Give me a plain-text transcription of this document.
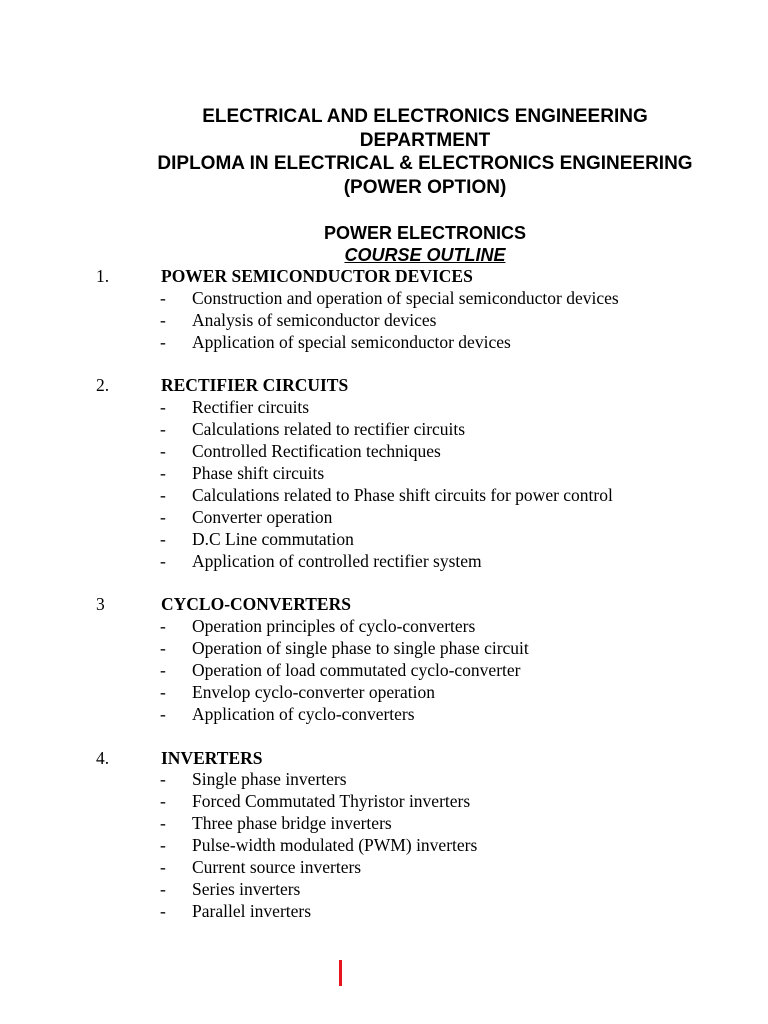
ELECTRICAL AND ELECTRONICS ENGINEERING
DEPARTMENT
DIPLOMA IN ELECTRICAL & ELECTRONICS ENGINEERING
(POWER OPTION)
POWER ELECTRONICS
COURSE OUTLINE
1.	POWER SEMICONDUCTOR DEVICES
-	Construction and operation of special semiconductor devices
-	Analysis of semiconductor devices
-	Application of special semiconductor devices
2.	RECTIFIER CIRCUITS
-	Rectifier circuits
-	Calculations related to rectifier circuits
-	Controlled Rectification techniques
-	Phase shift circuits
-	Calculations related to Phase shift circuits for power control
-	Converter operation
-	D.C Line commutation
-	Application of controlled rectifier system
3	CYCLO-CONVERTERS
-	Operation principles of cyclo-converters
-	Operation of single phase to single phase circuit
-	Operation of load commutated cyclo-converter
-	Envelop cyclo-converter operation
-	Application of cyclo-converters
4.	INVERTERS
-	Single phase inverters
-	Forced Commutated Thyristor inverters
-	Three phase bridge inverters
-	Pulse-width modulated (PWM) inverters
-	Current source inverters
-	Series inverters
-	Parallel inverters
